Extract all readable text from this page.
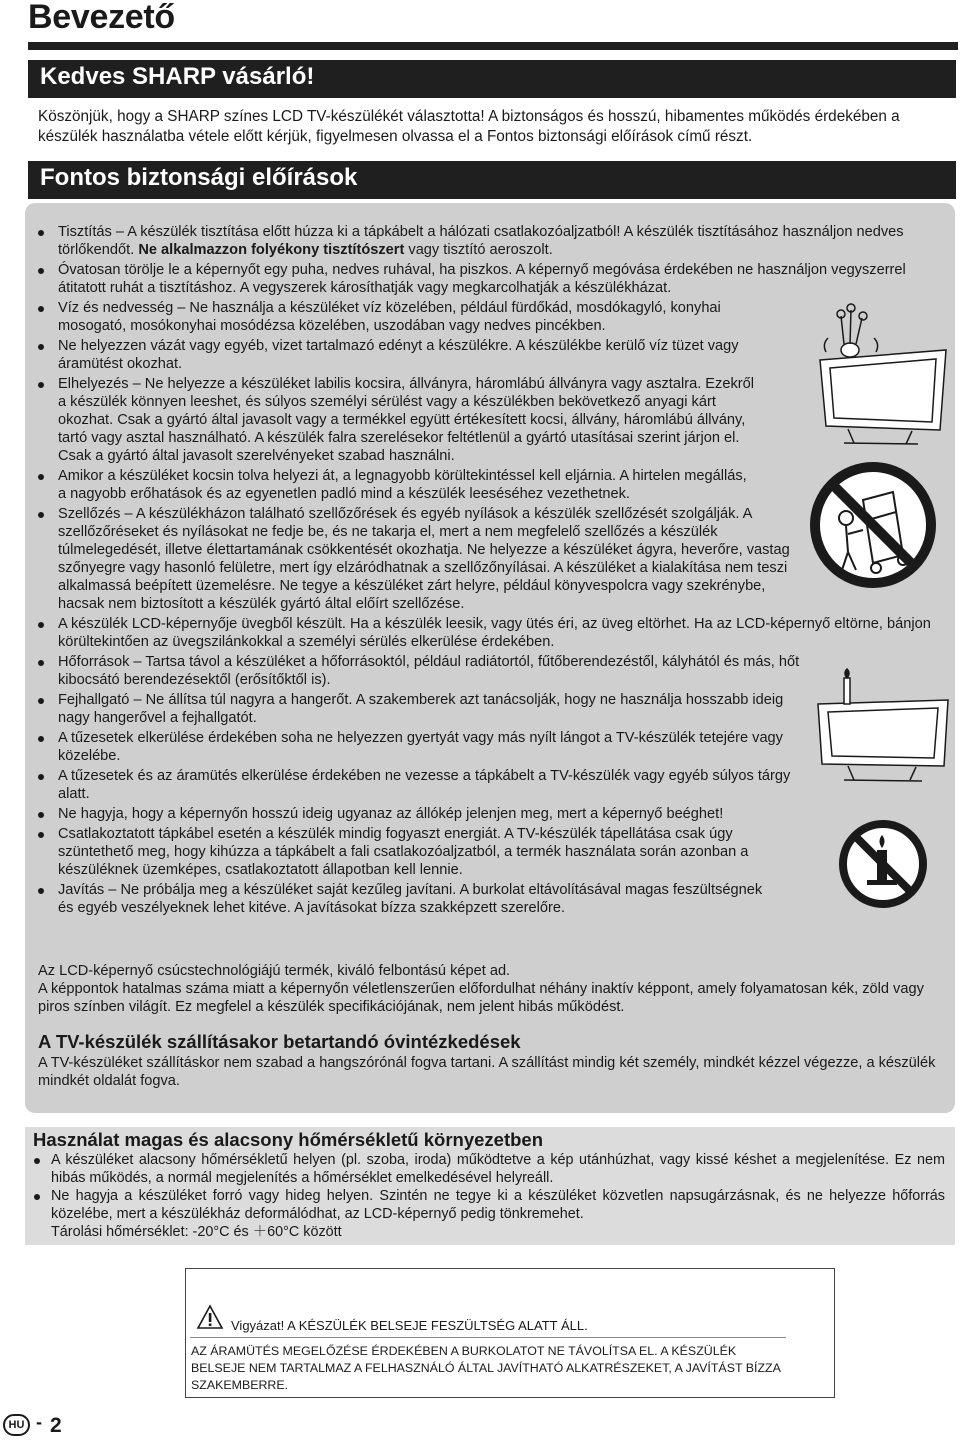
Bevezető
Kedves SHARP vásárló!
Köszönjük, hogy a SHARP színes LCD TV-készülékét választotta! A biztonságos és hosszú, hibamentes működés érdekében a készülék használatba vétele előtt kérjük, figyelmesen olvassa el a Fontos biztonsági előírások című részt.
Fontos biztonsági előírások
Tisztítás – A készülék tisztítása előtt húzza ki a tápkábelt a hálózati csatlakozóaljzatból! A készülék tisztításához használjon nedves törlőkendőt. Ne alkalmazzon folyékony tisztítószert vagy tisztító aeroszolt.
Óvatosan törölje le a képernyőt egy puha, nedves ruhával, ha piszkos. A képernyő megóvása érdekében ne használjon vegyszerrel átitatott ruhát a tisztításhoz. A vegyszerek károsíthatják vagy megkarcolhatják a készülékházat.
Víz és nedvesség – Ne használja a készüléket víz közelében, például fürdőkád, mosdókagyló, konyhai mosogató, mosókonyhai mosódézsa közelében, uszodában vagy nedves pincékben.
Ne helyezzen vázát vagy egyéb, vizet tartalmazó edényt a készülékre. A készülékbe kerülő víz tüzet vagy áramütést okozhat.
Elhelyezés – Ne helyezze a készüléket labilis kocsira, állványra, háromlábú állványra vagy asztalra. Ezekről a készülék könnyen leeshet, és súlyos személyi sérülést vagy a készülékben bekövetkező anyagi kárt okozhat. Csak a gyártó által javasolt vagy a termékkel együtt értékesített kocsi, állvány, háromlábú állvány, tartó vagy asztal használható. A készülék falra szerelésekor feltétlenül a gyártó utasításai szerint járjon el. Csak a gyártó által javasolt szerelvényeket szabad használni.
Amikor a készüléket kocsin tolva helyezi át, a legnagyobb körültekintéssel kell eljárnia. A hirtelen megállás, a nagyobb erőhatások és az egyenetlen padló mind a készülék leeséséhez vezethetnek.
Szellőzés – A készülékházon található szellőzőrések és egyéb nyílások a készülék szellőzését szolgálják. A szellőzőréseket és nyílásokat ne fedje be, és ne takarja el, mert a nem megfelelő szellőzés a készülék túlmelegedését, illetve élettartamának csökkentését okozhatja. Ne helyezze a készüléket ágyra, heverőre, vastag szőnyegre vagy hasonló felületre, mert így elzáródhatnak a szellőzőnyílásai. A készüléket a kialakítása nem teszi alkalmassá beépített üzemelésre. Ne tegye a készüléket zárt helyre, például könyvespolcra vagy szekrénybe, hacsak nem biztosított a készülék gyártó által előírt szellőzése.
A készülék LCD-képernyője üvegből készült. Ha a készülék leesik, vagy ütés éri, az üveg eltörhet. Ha az LCD-képernyő eltörne, bánjon körültekintően az üvegszilánkokkal a személyi sérülés elkerülése érdekében.
Hőforrások – Tartsa távol a készüléket a hőforrásoktól, például radiátortól, fűtőberendezéstől, kályhától és más, hőt kibocsátó berendezésektől (erősítőktől is).
Fejhallgató – Ne állítsa túl nagyra a hangerőt. A szakemberek azt tanácsolják, hogy ne használja hosszabb ideig nagy hangerővel a fejhallgatót.
A tűzesetek elkerülése érdekében soha ne helyezzen gyertyát vagy más nyílt lángot a TV-készülék tetejére vagy közelébe.
A tűzesetek és az áramütés elkerülése érdekében ne vezesse a tápkábelt a TV-készülék vagy egyéb súlyos tárgy alatt.
Ne hagyja, hogy a képernyőn hosszú ideig ugyanaz az állókép jelenjen meg, mert a képernyő beéghet!
Csatlakoztatott tápkábel esetén a készülék mindig fogyaszt energiát. A TV-készülék tápellátása csak úgy szüntethető meg, hogy kihúzza a tápkábelt a fali csatlakozóaljzatból, a termék használata során azonban a készüléknek üzemképes, csatlakoztatott állapotban kell lennie.
Javítás – Ne próbálja meg a készüléket saját kezűleg javítani. A burkolat eltávolításával magas feszültségnek és egyéb veszélyeknek lehet kitéve. A javításokat bízza szakképzett szerelőre.
Az LCD-képernyő csúcstechnológiájú termék, kiváló felbontású képet ad.
A képpontok hatalmas száma miatt a képernyőn véletlenszerűen előfordulhat néhány inaktív képpont, amely folyamatosan kék, zöld vagy piros színben világít. Ez megfelel a készülék specifikációjának, nem jelent hibás működést.
A TV-készülék szállításakor betartandó óvintézkedések
A TV-készüléket szállításkor nem szabad a hangszórónál fogva tartani. A szállítást mindig két személy, mindkét kézzel végezze, a készülék mindkét oldalát fogva.
Használat magas és alacsony hőmérsékletű környezetben
A készüléket alacsony hőmérsékletű helyen (pl. szoba, iroda) működtetve a kép utánhúzhat, vagy kissé késhet a megjelenítése. Ez nem hibás működés, a normál megjelenítés a hőmérséklet emelkedésével helyreáll.
Ne hagyja a készüléket forró vagy hideg helyen. Szintén ne tegye ki a készüléket közvetlen napsugárzásnak, és ne helyezze hőforrás közelébe, mert a készülékház deformálódhat, az LCD-képernyő pedig tönkremehet.
Tárolási hőmérséklet: -20°C és ＋60°C között
Vigyázat! A KÉSZÜLÉK BELSEJE FESZÜLTSÉG ALATT ÁLL.
AZ ÁRAMÜTÉS MEGELŐZÉSE ÉRDEKÉBEN A BURKOLATOT NE TÁVOLÍTSA EL. A KÉSZÜLÉK BELSEJE NEM TARTALMAZ A FELHASZNÁLÓ ÁLTAL JAVÍTHATÓ ALKATRÉSZEKET, A JAVÍTÁST BÍZZA SZAKEMBERRE.
HU - 2
